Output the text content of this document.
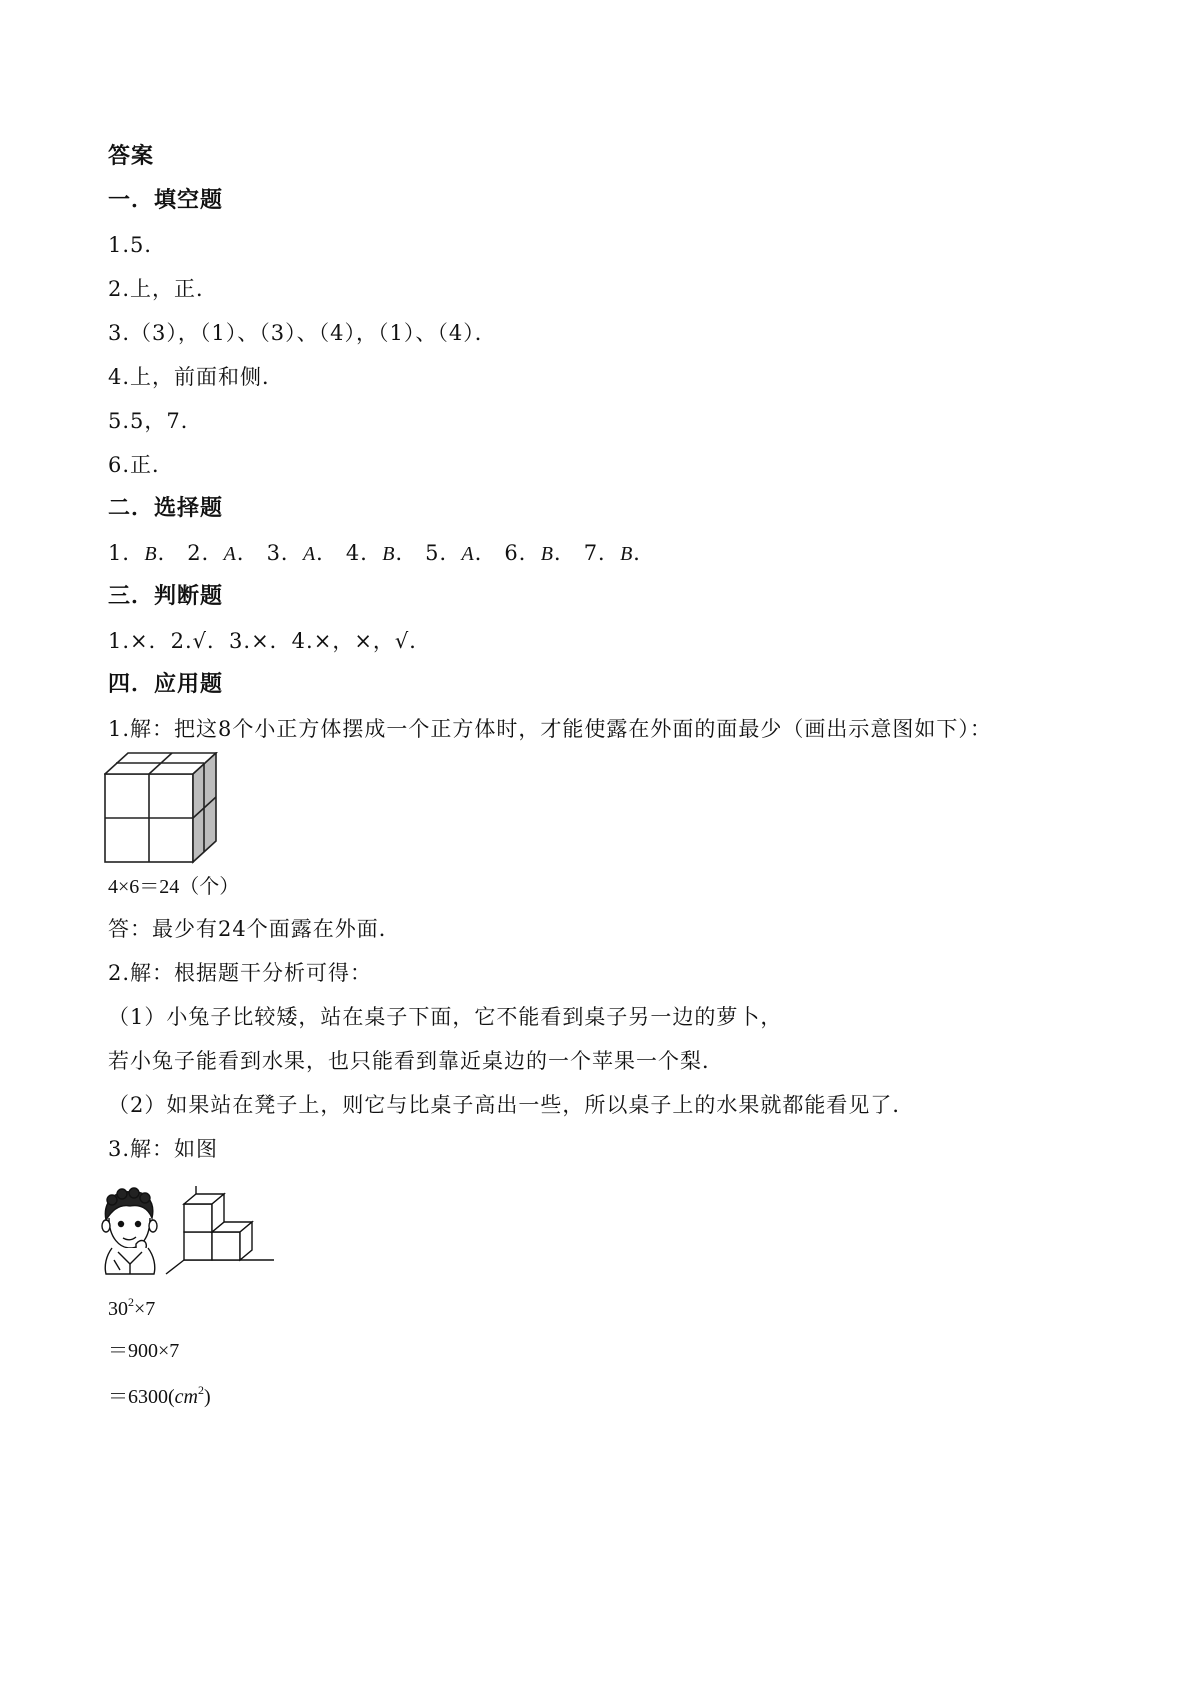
答案
一．填空题
1.5．
2.上，正．
3.（3），（1）、（3）、（4），（1）、（4）．
4.上，前面和侧．
5.5，7．
6.正．
二．选择题
1．B． 2．A． 3．A． 4．B． 5．A． 6．B． 7．B．
三．判断题
1.×．2.√．3.×．4.×，×，√．
四．应用题
1.解：把这8个小正方体摆成一个正方体时，才能使露在外面的面最少（画出示意图如下）：
4×6＝24（个）
答：最少有24个面露在外面．
2.解：根据题干分析可得：
（1）小兔子比较矮，站在桌子下面，它不能看到桌子另一边的萝卜，
若小兔子能看到水果，也只能看到靠近桌边的一个苹果一个梨．
（2）如果站在凳子上，则它与比桌子高出一些，所以桌子上的水果就都能看见了．
3.解：如图
$30^2\times 7$
＝900×7
$=6300(cm^2)$
